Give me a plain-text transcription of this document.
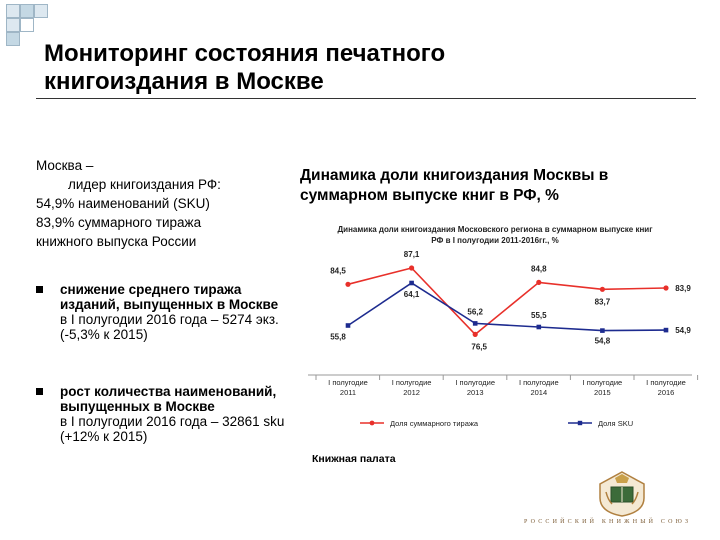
Мониторинг состояния печатного
книгоиздания в Москве
Москва –
лидер книгоиздания РФ:
54,9% наименований (SKU)
83,9% суммарного тиража
книжного выпуска России
снижение среднего тиража изданий, выпущенных в Москве
в I полугодии 2016 года – 5274 экз. (-5,3% к 2015)
рост количества наименований, выпущенных в Москве
в I полугодии 2016 года – 32861 sku (+12% к 2015)
Динамика доли книгоиздания Москвы в суммарном выпуске книг в РФ, %
Динамика доли книгоиздания Московского региона в суммарном выпуске книг
РФ в I полугодии 2011-2016гг., %
I полугодие
2011
I полугодие
2012
I полугодие
2013
I полугодие
2014
I полугодие
2015
I полугодие
2016
84,5
87,1
76,5
84,8
83,7
83,9
55,8
64,1
56,2	55,5
54,8
54,9
Доля суммарного тиража	Доля SKU
Книжная палата
РОССИЙСКИЙ КНИЖНЫЙ СОЮЗ
